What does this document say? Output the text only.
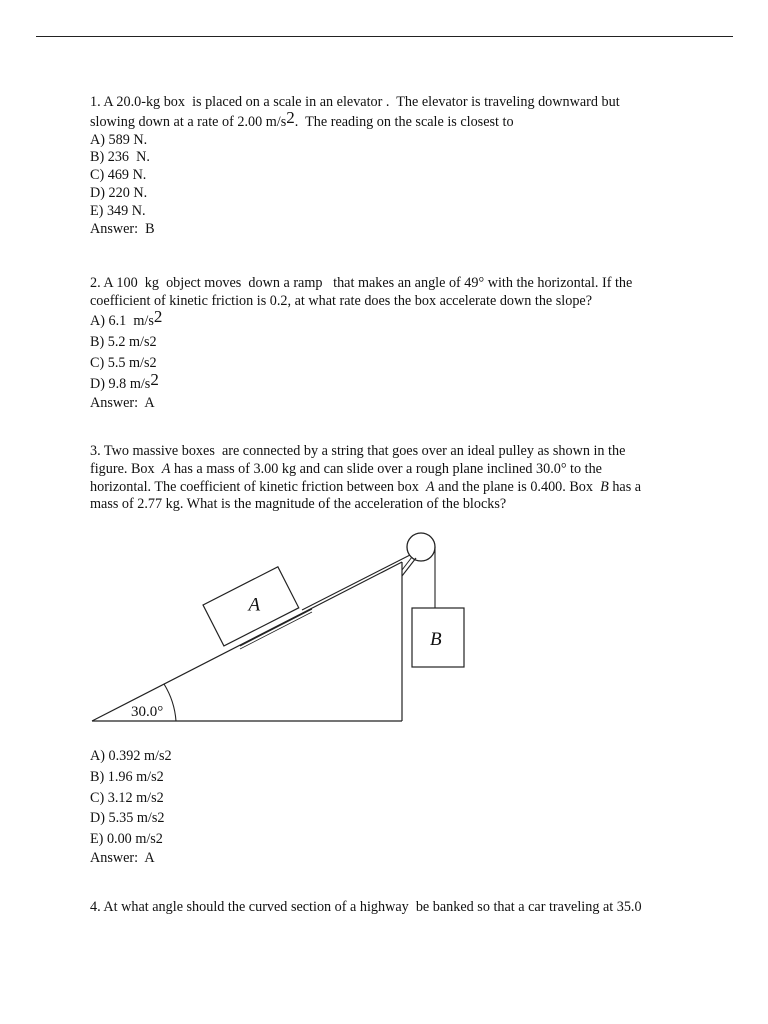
1. A 20.0-kg box  is placed on a scale in an elevator .  The elevator is traveling downward but
slowing down at a rate of 2.00 $m/s^2$.  The reading on the scale is closest to
A) 589 N.
B) 236  N.
C) 469 N.
D) 220 N.
E) 349 N.
Answer:  B
2. A 100  kg  object moves  down a ramp   that makes an angle of 49° with the horizontal. If the
coefficient of kinetic friction is 0.2, at what rate does the box accelerate down the slope?
A) 6.1  $m/s^2$
B) 5.2 m/s2
C) 5.5 m/s2
D) 9.8 $m/s^2$
Answer:  A
3. Two massive boxes  are connected by a string that goes over an ideal pulley as shown in the
figure. Box  A has a mass of 3.00 kg and can slide over a rough plane inclined 30.0° to the
horizontal. The coefficient of kinetic friction between box  A and the plane is 0.400. Box  B has a
mass of 2.77 kg. What is the magnitude of the acceleration of the blocks?
30.0°
A
B
A) 0.392 m/s2
B) 1.96 m/s2
C) 3.12 m/s2
D) 5.35 m/s2
E) 0.00 m/s2
Answer:  A
4. At what angle should the curved section of a highway  be banked so that a car traveling at 35.0
